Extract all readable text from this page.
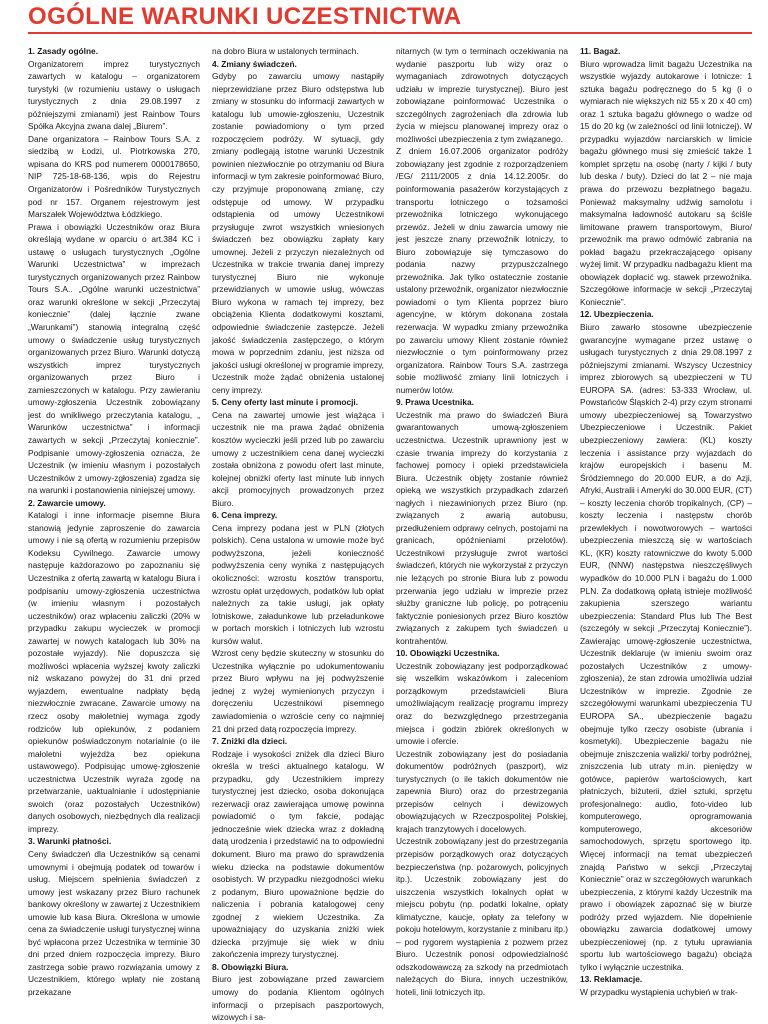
OGÓLNE WARUNKI UCZESTNICTWA
1. Zasady ogólne.
Organizatorem imprez turystycznych zawartych w katalogu – organizatorem turystyki (w rozumieniu ustawy o usługach turystycznych z dnia 29.08.1997 z późniejszymi zmianami) jest Rainbow Tours Spółka Akcyjna zwana dalej „Biurem”.
Dane organizatora – Rainbow Tours S.A. z siedzibą w Łodzi, ul. Piotrkowska 270, wpisana do KRS pod numerem 0000178650, NIP 725-18-68-136, wpis do Rejestru Organizatorów i Pośredników Turystycznych pod nr 157. Organem rejestrowym jest Marszałek Województwa Łódzkiego.
Prawa i obowiązki Uczestników oraz Biura określają wydane w oparciu o art.384 KC i ustawę o usługach turystycznych „Ogólne Warunki Uczestnictwa” w imprezach turystycznych organizowanych przez Rainbow Tours S.A.. „Ogólne warunki uczestnictwa” oraz warunki określone w sekcji „Przeczytaj koniecznie” (dalej łącznie zwane „Warunkami”) stanowią integralną część umowy o świadczenie usług turystycznych organizowanych przez Biuro. Warunki dotyczą wszystkich imprez turystycznych organizowanych przez Biuro i zamieszczonych w katalogu. Przy zawieraniu umowy-zgłoszenia Uczestnik zobowiązany jest do wnikliwego przeczytania katalogu, „ Warunków uczestnictwa” i informacji zawartych w sekcji „Przeczytaj koniecznie”. Podpisanie umowy-zgłoszenia oznacza, że Uczestnik (w imieniu własnym i pozostałych Uczestników z umowy-zgłoszenia) zgadza się na warunki i postanowienia niniejszej umowy.
2. Zawarcie umowy.
Katalogi i inne informacje pisemne Biura stanowią jedynie zaproszenie do zawarcia umowy i nie są ofertą w rozumieniu przepisów Kodeksu Cywilnego. Zawarcie umowy następuje każdorazowo po zapoznaniu się Uczestnika z ofertą zawartą w katalogu Biura i podpisaniu umowy-zgłoszenia uczestnictwa (w imieniu własnym i pozostałych uczestników) oraz wpłaceniu zaliczki (20% w przypadku zakupu wycieczek w promocji zawartej w nowych katalogach lub 30% na pozostałe wyjazdy). Nie dopuszcza się możliwości wpłacenia wyższej kwoty zaliczki niż wskazano powyżej do 31 dni przed wyjazdem, ewentualne nadpłaty będą niezwłocznie zwracane. Zawarcie umowy na rzecz osoby małoletniej wymaga zgody rodziców lub opiekunów, z podaniem opiekunów poświadczonym notarialnie (o ile małoletni wyjeżdża bez opiekuna ustawowego). Podpisując umowę-zgłoszenie uczestnictwa Uczestnik wyraża zgodę na przetwarzanie, uaktualnianie i udostępnianie swoich (oraz pozostałych Uczestników) danych osobowych, niezbędnych dla realizacji imprezy.
3. Warunki płatności.
Ceny świadczeń dla Uczestników są cenami umownymi i obejmują podatek od towarów i usług. Miejscem spełnienia świadczeń z umowy jest wskazany przez Biuro rachunek bankowy określony w zawartej z Uczestnikiem umowie lub kasa Biura. Określona w umowie cena za świadczenie usługi turystycznej winna być wpłacona przez Uczestnika w terminie 30 dni przed dniem rozpoczęcia imprezy. Biuro zastrzega sobie prawo rozwiązania umowy z Uczestnikiem, którego wpłaty nie zostaną przekazane
na dobro Biura w ustalonych terminach.
4. Zmiany świadczeń.
Gdyby po zawarciu umowy nastąpiły nieprzewidziane przez Biuro odstępstwa lub zmiany w stosunku do informacji zawartych w katalogu lub umowie-zgłoszeniu, Uczestnik zostanie powiadomiony o tym przed rozpoczęciem podróży. W sytuacji, gdy zmiany podlegają istotne warunki Uczestnik powinien niezwłocznie po otrzymaniu od Biura informacji w tym zakresie poinformować Biuro, czy przyjmuje proponowaną zmianę, czy odstępuje od umowy. W przypadku odstąpienia od umowy Uczestnikowi przysługuje zwrot wszystkich wniesionych świadczeń bez obowiązku zapłaty kary umownej. Jeżeli z przyczyn niezależnych od Uczestnika w trakcie trwania danej imprezy turystycznej Biuro nie wykonuje przewidzianych w umowie usług, wówczas Biuro wykona w ramach tej imprezy, bez obciążenia Klienta dodatkowymi kosztami, odpowiednie świadczenie zastępcze. Jeżeli jakość świadczenia zastępczego, o którym mowa w poprzednim zdaniu, jest niższa od jakości usługi określonej w programie imprezy, Uczestnik może żądać obniżenia ustalonej ceny imprezy.
5. Ceny oferty last minute i promocji.
Cena na zawartej umowie jest wiążąca i uczestnik nie ma prawa żądać obniżenia kosztów wycieczki jeśli przed lub po zawarciu umowy z uczestnikiem cena danej wycieczki została obniżona z powodu ofert last minute, kolejnej obniżki oferty last minute lub innych akcji promocyjnych prowadzonych przez Biuro.
6. Cena imprezy.
Cena imprezy podana jest w PLN (złotych polskich). Cena ustalona w umowie może być podwyższona, jeżeli konieczność podwyższenia ceny wynika z następujących okoliczności: wzrostu kosztów transportu, wzrostu opłat urzędowych, podatków lub opłat należnych za takie usługi, jak opłaty lotniskowe, załadunkowe lub przeładunkowe w portach morskich i lotniczych lub wzrostu kursów walut.
Wzrost ceny będzie skuteczny w stosunku do Uczestnika wyłącznie po udokumentowaniu przez Biuro wpływu na jej podwyższenie jednej z wyżej wymienionych przyczyn i doręczeniu Uczestnikowi pisemnego zawiadomienia o wzroście ceny co najmniej 21 dni przed datą rozpoczęcia imprezy.
7. Zniżki dla dzieci.
Rodzaje i wysokości zniżek dla dzieci Biuro określa w treści aktualnego katalogu. W przypadku, gdy Uczestnikiem imprezy turystycznej jest dziecko, osoba dokonująca rezerwacji oraz zawierająca umowę powinna powiadomić o tym fakcie, podając jednocześnie wiek dziecka wraz z dokładną datą urodzenia i przedstawić na to odpowiedni dokument. Biuro ma prawo do sprawdzenia wieku dziecka na podstawie dokumentów osobistych. W przypadku niezgodności wieku z podanym, Biuro upoważnione będzie do naliczenia i pobrania katalogowej ceny zgodnej z wiekiem Uczestnika. Za upoważniający do uzyskania zniżki wiek dziecka przyjmuje się wiek w dniu zakończenia imprezy turystycznej.
8. Obowiązki Biura.
Biuro jest zobowiązane przed zawarciem umowy do podania Klientom ogólnych informacji o przepisach paszportowych, wizowych i sa-
nitarnych (w tym o terminach oczekiwania na wydanie paszportu lub wizy oraz o wymaganiach zdrowotnych dotyczących udziału w imprezie turystycznej). Biuro jest zobowiązane poinformować Uczestnika o szczególnych zagrożeniach dla zdrowia lub życia w miejscu planowanej imprezy oraz o możliwości ubezpieczenia z tym związanego.
Z dniem 16.07.2006 organizator podróży zobowiązany jest zgodnie z rozporządzeniem /EG/ 2111/2005 z dnia 14.12.2005r. do poinformowania pasażerów korzystających z transportu lotniczego o tożsamości przewoźnika lotniczego wykonującego przewóz. Jeżeli w dniu zawarcia umowy nie jest jeszcze znany przewoźnik lotniczy, to Biuro zobowiązuje się tymczasowo do podania nazwy przypuszczalnego przewoźnika. Jak tylko ostatecznie zostanie ustalony przewoźnik, organizator niezwłocznie powiadomi o tym Klienta poprzez biuro agencyjne, w którym dokonana została rezerwacja. W wypadku zmiany przewoźnika po zawarciu umowy Klient zostanie również niezwłocznie o tym poinformowany przez organizatora. Rainbow Tours S.A. zastrzega sobie możliwość zmiany linii lotniczych i numerów lotów.
9. Prawa Ucestnika.
Uczestnik ma prawo do świadczeń Biura gwarantowanych umową-zgłoszeniem uczestnictwa. Uczestnik uprawniony jest w czasie trwania imprezy do korzystania z fachowej pomocy i opieki przedstawiciela Biura. Uczestnik objęty zostanie również opieką we wszystkich przypadkach zdarzeń nagłych i niezawinionych przez Biuro (np. związanych z awarią autobusu, przedłużeniem odprawy celnych, postojami na granicach, opóźnieniami przelotów). Uczestnikowi przysługuje zwrot wartości świadczeń, których nie wykorzystał z przyczyn nie leżących po stronie Biura lub z powodu przerwania jego udziału w imprezie przez służby graniczne lub policję, po potrąceniu faktycznie poniesionych przez Biuro kosztów związanych z zakupem tych świadczeń u kontrahentów.
10. Obowiązki Uczestnika.
Uczestnik zobowiązany jest podporządkować się wszelkim wskazówkom i zaleceniom porządkowym przedstawicieli Biura umożliwiającym realizację programu imprezy oraz do bezwzględnego przestrzegania miejsca i godzin zbiórek określonych w umowie i ofercie.
Uczestnik zobowiązany jest do posiadania dokumentów podróżnych (paszport), wiz turystycznych (o ile takich dokumentów nie zapewnia Biuro) oraz do przestrzegania przepisów celnych i dewizowych obowiązujących w Rzeczpospolitej Polskiej, krajach tranzytowych i docelowych.
Uczestnik zobowiązany jest do przestrzegania przepisów porządkowych oraz dotyczących bezpieczeństwa (np. pożarowych, policyjnych itp.). Uczestnik zobowiązany jest do uiszczenia wszystkich lokalnych opłat w miejscu pobytu (np. podatki lokalne, opłaty klimatyczne, kaucje, opłaty za telefony w pokoju hotelowym, korzystanie z minibaru itp.) – pod rygorem wystąpienia z pozwem przez Biuro. Uczestnik ponosi odpowiedzialność odszkodowawczą za szkody na przedmiotach należących do Biura, innych uczestników, hoteli, linii lotniczych itp.
11. Bagaż.
Biuro wprowadza limit bagażu Uczestnika na wszystkie wyjazdy autokarowe i lotnicze: 1 sztuka bagażu podręcznego do 5 kg (i o wymiarach nie większych niż 55 x 20 x 40 cm) oraz 1 sztuka bagażu głównego o wadze od 15 do 20 kg (w zależności od linii lotniczej). W przypadku wyjazdów narciarskich w limicie bagażu głównego musi się zmieścić także 1 komplet sprzętu na osobę (narty / kijki / buty lub deska / buty). Dzieci do lat 2 – nie maja prawa do przewozu bezpłatnego bagażu. Ponieważ maksymalny udźwig samolotu i maksymalna ładowność autokaru są ściśle limitowane prawem transportowym, Biuro/ przewoźnik ma prawo odmówić zabrania na pokład bagażu przekraczającego opisany wyżej limit. W przypadku nadbagażu klient ma obowiązek dopłacić wg. stawek przewoźnika. Szczegółowe informacje w sekcji „Przeczytaj Koniecznie”.
12. Ubezpieczenia.
Biuro zawarło stosowne ubezpieczenie gwarancyjne wymagane przez ustawę o usługach turystycznych z dnia 29.08.1997 z późniejszymi zmianami. Wszyscy Uczestnicy imprez zbiorowych są ubezpieczeni w TU EUROPA SA. (adres: 53-333 Wrocław, ul. Powstańców Śląskich 2-4) przy czym stronami umowy ubezpieczeniowej są Towarzystwo Ubezpieczeniowe i Uczestnik. Pakiet ubezpieczeniowy zawiera: (KL) koszty leczenia i assistance przy wyjazdach do krajów europejskich i basenu M. Śródziemnego do 20.000 EUR, a do Azji, Afryki, Australii i Ameryki do 30.000 EUR, (CT) – koszty leczenia chorób tropikalnych, (CP) – koszty leczenia i następstw chorób przewlekłych i nowotworowych – wartości ubezpieczenia mieszczą się w wartościach KL, (KR) koszty ratowniczwe do kwoty 5.000 EUR, (NNW) następstwa nieszczęśliwych wypadków do 10.000 PLN i bagażu do 1.000 PLN. Za dodatkową opłatą istnieje możliwość zakupienia szerszego wariantu ubezpieczenia: Standard Plus lub The Best (szczegóły w sekcji „Przeczytaj Koniecznie”). Zawierając umowę-zgłoszenie uczestnictwa, Uczestnik deklaruje (w imieniu swoim oraz pozostałych Uczestników z umowy-zgłoszenia), że stan zdrowia umożliwia udział Uczestników w imprezie. Zgodnie ze szczegółowymi warunkami ubezpieczenia TU EUROPA SA., ubezpieczenie bagażu obejmuje tylko rzeczy osobiste (ubrania i kosmetyki). Ubezpieczenie bagażu nie obejmuje zniszczenia walizki/ torby podróżnej, zniszczenia lub utraty m.in. pieniędzy w gotówce, papierów wartościowych, kart płatniczych, biżuterii, dzieł sztuki, sprzętu profesjonalnego: audio, foto-video lub komputerowego, oprogramowania komputerowego, akcesoriów samochodowych, sprzętu sportowego itp. Więcej informacji na temat ubezpieczeń znajdą Państwo w sekcji „Przeczytaj Koniecznie” oraz w szczegółowych warunkach ubezpieczenia, z którymi każdy Uczestnik ma prawo i obowiązek zapoznać się w biurze podróży przed wyjazdem. Nie dopełnienie obowiązku zawarcia dodatkowej umowy ubezpieczeniowej (np. z tytułu uprawiania sportu lub wartościowego bagażu) obciąża tylko i wyłącznie uczestnika.
13. Reklamacje.
W przypadku wystąpienia uchybień w trak-
